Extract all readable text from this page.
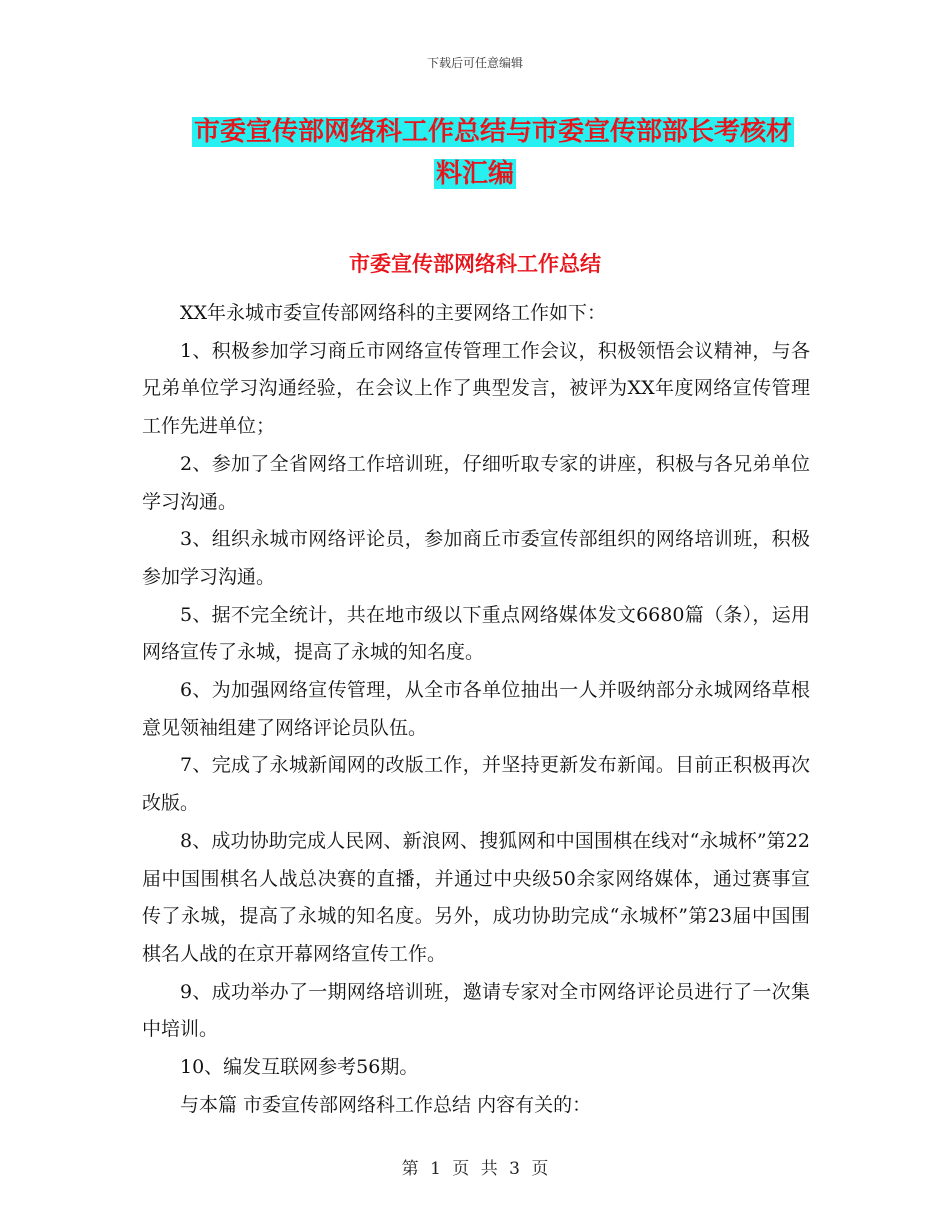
下载后可任意编辑
市委宣传部网络科工作总结与市委宣传部部长考核材
料汇编
市委宣传部网络科工作总结

XX年永城市委宣传部网络科的主要网络工作如下：

1、积极参加学习商丘市网络宣传管理工作会议，积极领悟会议精神，与各兄弟单位学习沟通经验，在会议上作了典型发言，被评为XX年度网络宣传管理工作先进单位；

2、参加了全省网络工作培训班，仔细听取专家的讲座，积极与各兄弟单位学习沟通。

3、组织永城市网络评论员，参加商丘市委宣传部组织的网络培训班，积极参加学习沟通。

5、据不完全统计，共在地市级以下重点网络媒体发文6680篇（条），运用网络宣传了永城，提高了永城的知名度。

6、为加强网络宣传管理，从全市各单位抽出一人并吸纳部分永城网络草根意见领袖组建了网络评论员队伍。

7、完成了永城新闻网的改版工作，并坚持更新发布新闻。目前正积极再次改版。

8、成功协助完成人民网、新浪网、搜狐网和中国围棋在线对“永城杯”第22届中国围棋名人战总决赛的直播，并通过中央级50余家网络媒体，通过赛事宣传了永城，提高了永城的知名度。另外，成功协助完成“永城杯”第23届中国围棋名人战的在京开幕网络宣传工作。

9、成功举办了一期网络培训班，邀请专家对全市网络评论员进行了一次集中培训。

10、编发互联网参考56期。

与本篇 市委宣传部网络科工作总结 内容有关的：

第 1 页 共 3 页
